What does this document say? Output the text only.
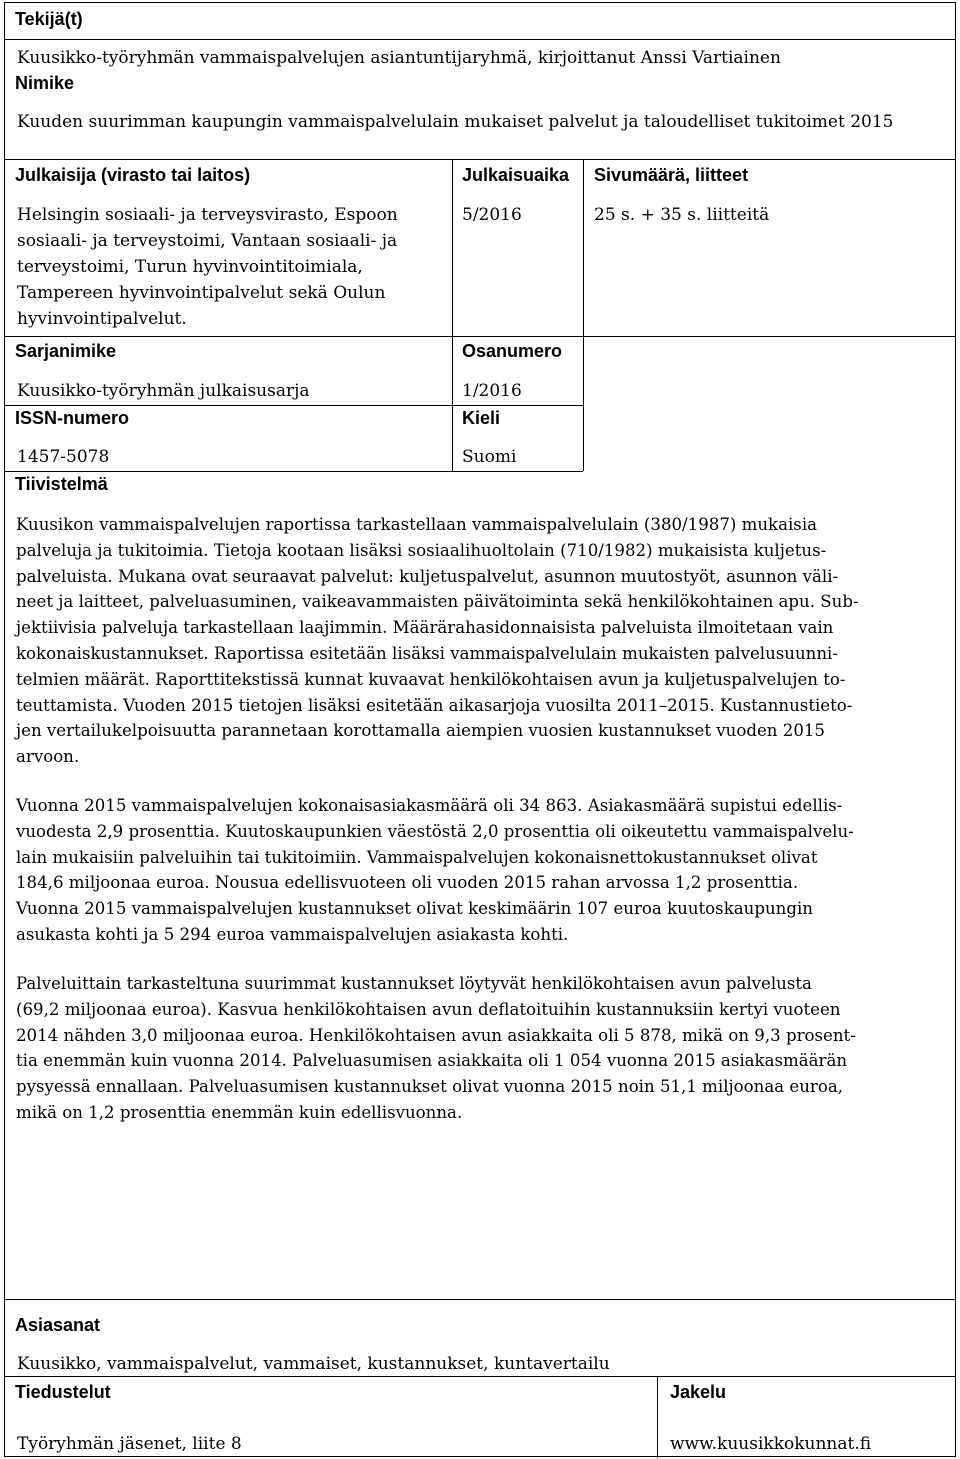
Tekijä(t)
Kuusikko-työryhmän vammaispalvelujen asiantuntijaryhmä, kirjoittanut Anssi Vartiainen
Nimike
Kuuden suurimman kaupungin vammaispalvelulain mukaiset palvelut ja taloudelliset tukitoimet 2015
Julkaisija (virasto tai laitos)
Helsingin sosiaali- ja terveysvirasto, Espoon
sosiaali- ja terveystoimi, Vantaan sosiaali- ja
terveystoimi, Turun hyvinvointitoimiala,
Tampereen hyvinvointipalvelut sekä Oulun
hyvinvointipalvelut.
Julkaisuaika
5/2016
Sivumäärä, liitteet
25 s. + 35 s. liitteitä
Sarjanimike
Kuusikko-työryhmän julkaisusarja
Osanumero
1/2016
ISSN-numero
1457-5078
Kieli
Suomi
Tiivistelmä
Kuusikon vammaispalvelujen raportissa tarkastellaan vammaispalvelulain (380/1987) mukaisia
palveluja ja tukitoimia. Tietoja kootaan lisäksi sosiaalihuoltolain (710/1982) mukaisista kuljetus-
palveluista. Mukana ovat seuraavat palvelut: kuljetuspalvelut, asunnon muutostyöt, asunnon väli-
neet ja laitteet, palveluasuminen, vaikeavammaisten päivätoiminta sekä henkilökohtainen apu. Sub-
jektiivisia palveluja tarkastellaan laajimmin. Määrärahasidonnaisista palveluista ilmoitetaan vain
kokonaiskustannukset. Raportissa esitetään lisäksi vammaispalvelulain mukaisten palvelusuunni-
telmien määrät. Raporttitekstissä kunnat kuvaavat henkilökohtaisen avun ja kuljetuspalvelujen to-
teuttamista. Vuoden 2015 tietojen lisäksi esitetään aikasarjoja vuosilta 2011–2015. Kustannustieto-
jen vertailukelpoisuutta parannetaan korottamalla aiempien vuosien kustannukset vuoden 2015
arvoon.
Vuonna 2015 vammaispalvelujen kokonaisasiakasmäärä oli 34 863. Asiakasmäärä supistui edellis-
vuodesta 2,9 prosenttia. Kuutoskaupunkien väestöstä 2,0 prosenttia oli oikeutettu vammaispalvelu-
lain mukaisiin palveluihin tai tukitoimiin. Vammaispalvelujen kokonaisnettokustannukset olivat
184,6 miljoonaa euroa. Nousua edellisvuoteen oli vuoden 2015 rahan arvossa 1,2 prosenttia.
Vuonna 2015 vammaispalvelujen kustannukset olivat keskimäärin 107 euroa kuutoskaupungin
asukasta kohti ja 5 294 euroa vammaispalvelujen asiakasta kohti.
Palveluittain tarkasteltuna suurimmat kustannukset löytyvät henkilökohtaisen avun palvelusta
(69,2 miljoonaa euroa). Kasvua henkilökohtaisen avun deflatoituihin kustannuksiin kertyi vuoteen
2014 nähden 3,0 miljoonaa euroa. Henkilökohtaisen avun asiakkaita oli 5 878, mikä on 9,3 prosent-
tia enemmän kuin vuonna 2014. Palveluasumisen asiakkaita oli 1 054 vuonna 2015 asiakasmäärän
pysyessä ennallaan. Palveluasumisen kustannukset olivat vuonna 2015 noin 51,1 miljoonaa euroa,
mikä on 1,2 prosenttia enemmän kuin edellisvuonna.
Asiasanat
Kuusikko, vammaispalvelut, vammaiset, kustannukset, kuntavertailu
Tiedustelut
Työryhmän jäsenet, liite 8
Jakelu
www.kuusikkokunnat.fi
